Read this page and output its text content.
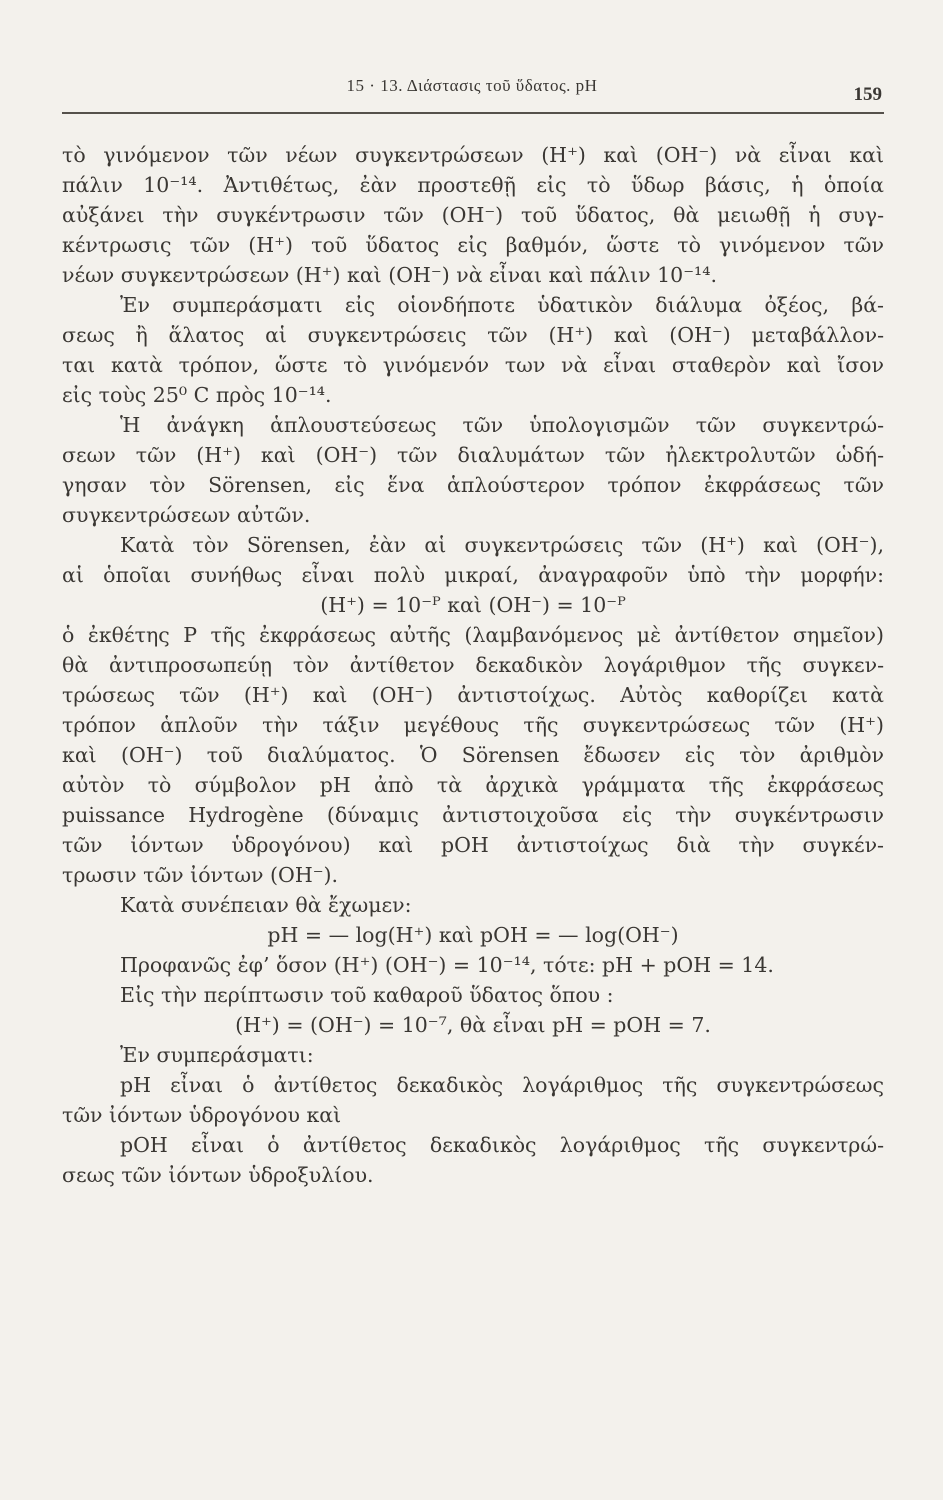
15 · 13. Διάστασις τοῦ ὕδατος. pH	159
τὸ γινόμενον τῶν νέων συγκεντρώσεων (H⁺) καὶ (OH⁻) νὰ εἶναι καὶ
πάλιν 10⁻¹⁴. Ἀντιθέτως, ἐὰν προστεθῇ εἰς τὸ ὕδωρ βάσις, ἡ ὁποία
αὐξάνει τὴν συγκέντρωσιν τῶν (OH⁻) τοῦ ὕδατος, θὰ μειωθῇ ἡ συγ-
κέντρωσις τῶν (H⁺) τοῦ ὕδατος εἰς βαθμόν, ὥστε τὸ γινόμενον τῶν
νέων συγκεντρώσεων (H⁺) καὶ (OH⁻) νὰ εἶναι καὶ πάλιν 10⁻¹⁴.
Ἐν συμπεράσματι εἰς οἱονδήποτε ὑδατικὸν διάλυμα ὀξέος, βά-
σεως ἢ ἅλατος αἱ συγκεντρώσεις τῶν (H⁺) καὶ (OH⁻) μεταβάλλον-
ται κατὰ τρόπον, ὥστε τὸ γινόμενόν των νὰ εἶναι σταθερὸν καὶ ἴσον
εἰς τοὺς 25⁰ C πρὸς 10⁻¹⁴.
Ἡ ἀνάγκη ἁπλουστεύσεως τῶν ὑπολογισμῶν τῶν συγκεντρώ-
σεων τῶν (H⁺) καὶ (OH⁻) τῶν διαλυμάτων τῶν ἠλεκτρολυτῶν ὡδή-
γησαν τὸν Sörensen, εἰς ἕνα ἁπλούστερον τρόπον ἐκφράσεως τῶν
συγκεντρώσεων αὐτῶν.
Κατὰ τὸν Sörensen, ἐὰν αἱ συγκεντρώσεις τῶν (H⁺) καὶ (OH⁻),
αἱ ὁποῖαι συνήθως εἶναι πολὺ μικραί, ἀναγραφοῦν ὑπὸ τὴν μορφήν:
(H⁺) = 10⁻ᴾ καὶ (OH⁻) = 10⁻ᴾ
ὁ ἐκθέτης P τῆς ἐκφράσεως αὐτῆς (λαμβανόμενος μὲ ἀντίθετον σημεῖον)
θὰ ἀντιπροσωπεύῃ τὸν ἀντίθετον δεκαδικὸν λογάριθμον τῆς συγκεν-
τρώσεως τῶν (H⁺) καὶ (OH⁻) ἀντιστοίχως. Αὐτὸς καθορίζει κατὰ
τρόπον ἁπλοῦν τὴν τάξιν μεγέθους τῆς συγκεντρώσεως τῶν (H⁺)
καὶ (OH⁻) τοῦ διαλύματος. Ὁ Sörensen ἔδωσεν εἰς τὸν ἀριθμὸν
αὐτὸν τὸ σύμβολον pH ἀπὸ τὰ ἀρχικὰ γράμματα τῆς ἐκφράσεως
puissance Hydrogène (δύναμις ἀντιστοιχοῦσα εἰς τὴν συγκέντρωσιν
τῶν ἰόντων ὑδρογόνου) καὶ pOH ἀντιστοίχως διὰ τὴν συγκέν-
τρωσιν τῶν ἰόντων (OH⁻).
Κατὰ συνέπειαν θὰ ἔχωμεν:
pH = — log(H⁺) καὶ pOH = — log(OH⁻)
Προφανῶς ἐφ’ ὅσον (H⁺) (OH⁻) = 10⁻¹⁴, τότε: pH + pOH = 14.
Εἰς τὴν περίπτωσιν τοῦ καθαροῦ ὕδατος ὅπου :
(H⁺) = (OH⁻) = 10⁻⁷, θὰ εἶναι pH = pOH = 7.
Ἐν συμπεράσματι:
pH εἶναι ὁ ἀντίθετος δεκαδικὸς λογάριθμος τῆς συγκεντρώσεως
τῶν ἰόντων ὑδρογόνου καὶ
pOH εἶναι ὁ ἀντίθετος δεκαδικὸς λογάριθμος τῆς συγκεντρώ-
σεως τῶν ἰόντων ὑδροξυλίου.
